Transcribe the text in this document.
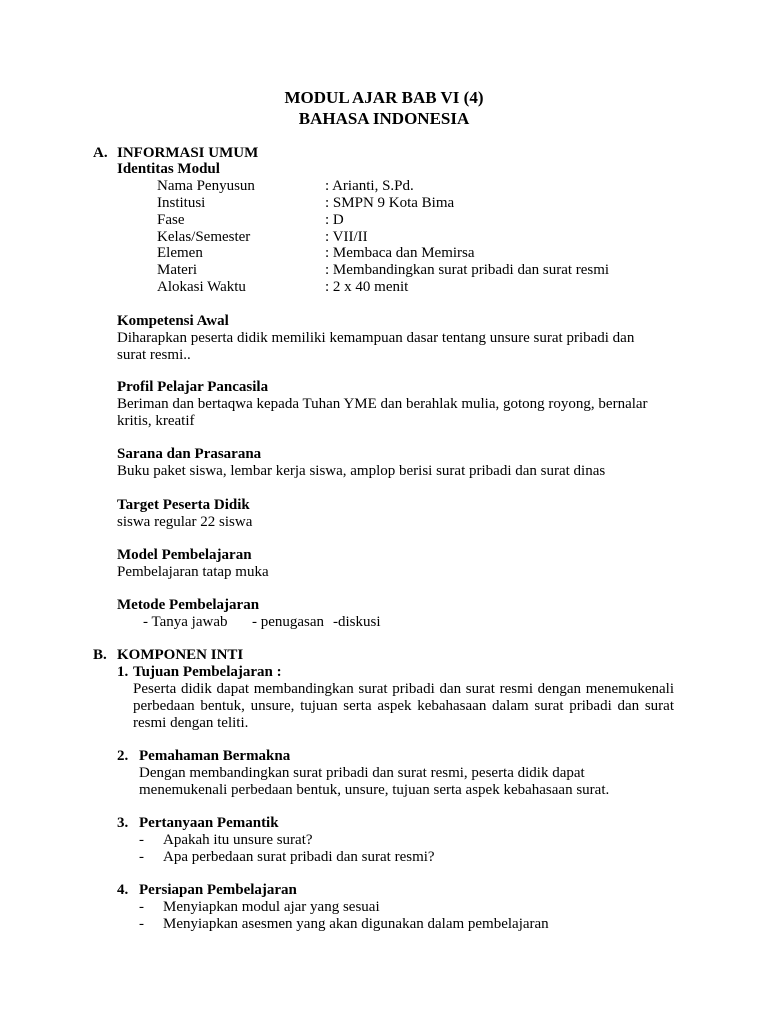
MODUL AJAR BAB VI (4)
BAHASA INDONESIA
A. INFORMASI UMUM
Identitas Modul
Nama Penyusun	: Arianti, S.Pd.
Institusi	: SMPN 9 Kota Bima
Fase	: D
Kelas/Semester	: VII/II
Elemen	: Membaca dan Memirsa
Materi	: Membandingkan surat pribadi dan surat resmi
Alokasi Waktu	: 2 x 40 menit
Kompetensi Awal
Diharapkan peserta didik memiliki kemampuan dasar tentang unsure surat pribadi dan
surat resmi..
Profil Pelajar Pancasila
Beriman dan bertaqwa kepada Tuhan YME dan berahlak mulia, gotong royong, bernalar
kritis, kreatif
Sarana dan Prasarana
Buku paket siswa, lembar kerja siswa, amplop berisi surat pribadi dan surat dinas
Target Peserta Didik
siswa regular 22 siswa
Model Pembelajaran
Pembelajaran tatap muka
Metode Pembelajaran
- Tanya jawab - penugasan -diskusi
B. KOMPONEN INTI
1. Tujuan Pembelajaran :
Peserta didik dapat membandingkan surat pribadi dan surat resmi dengan menemukenali perbedaan bentuk, unsure, tujuan serta aspek kebahasaan dalam surat pribadi dan surat resmi dengan teliti.
2. Pemahaman Bermakna
Dengan membandingkan surat pribadi dan surat resmi, peserta didik dapat
menemukenali perbedaan bentuk, unsure, tujuan serta aspek kebahasaan surat.
3. Pertanyaan Pemantik
- Apakah itu unsure surat?
- Apa perbedaan surat pribadi dan surat resmi?
4. Persiapan Pembelajaran
- Menyiapkan modul ajar yang sesuai
- Menyiapkan asesmen yang akan digunakan dalam pembelajaran
